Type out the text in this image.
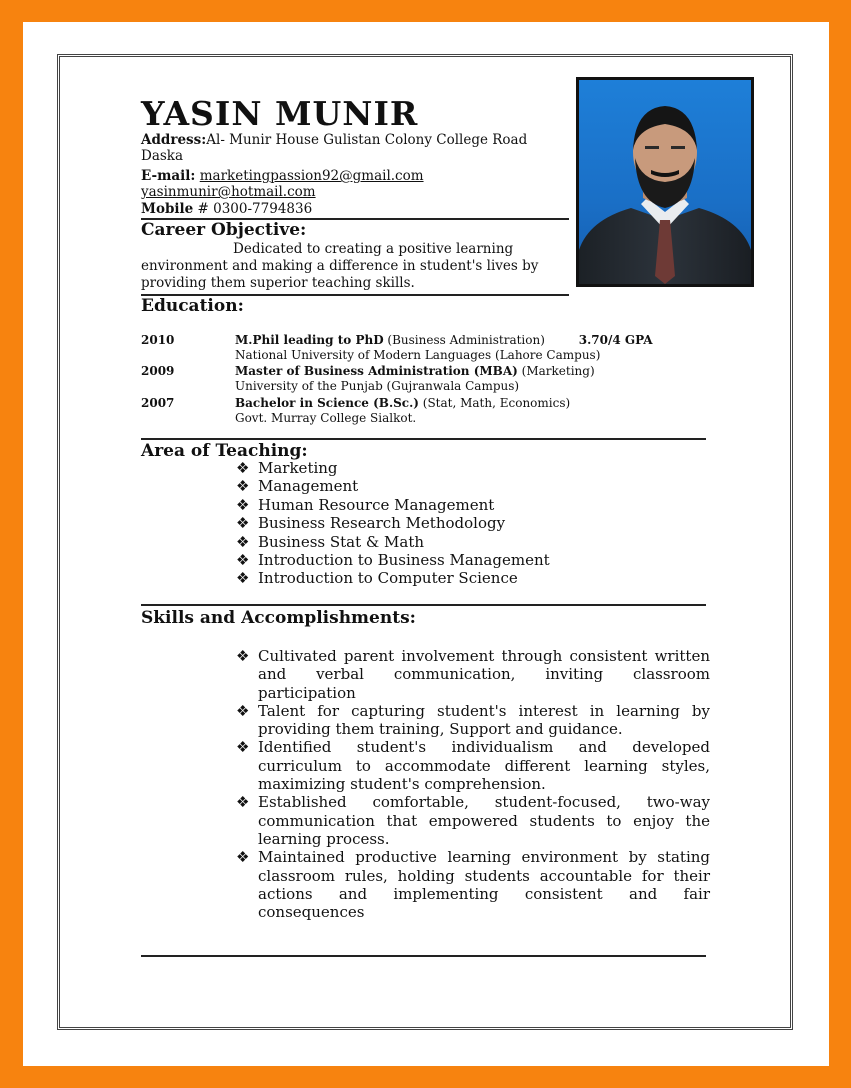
YASIN MUNIR
Address:Al- Munir House Gulistan Colony College Road
Daska
E-mail: marketingpassion92@gmail.com
yasinmunir@hotmail.com
Mobile # 0300-7794836
Career Objective:
Dedicated to creating a positive learning
environment and making a difference in student's lives by
providing them superior teaching skills.
Education:
2010	M.Phil leading to PhD (Business Administration)	3.70/4 GPA
National University of Modern Languages (Lahore Campus)
2009	Master of Business Administration (MBA) (Marketing)
University of the Punjab (Gujranwala Campus)
2007	Bachelor in Science (B.Sc.) (Stat, Math, Economics)
Govt. Murray College Sialkot.
Area of Teaching:
❖ Marketing
❖ Management
❖ Human Resource Management
❖ Business Research Methodology
❖ Business Stat & Math
❖ Introduction to Business Management
❖ Introduction to Computer Science
Skills and Accomplishments:
❖ Cultivated parent involvement through consistent written and verbal communication, inviting classroom participation
❖ Talent for capturing student's interest in learning by providing them training, Support and guidance.
❖ Identified student's individualism and developed curriculum to accommodate different learning styles, maximizing student's comprehension.
❖ Established comfortable, student-focused, two-way communication that empowered students to enjoy the learning process.
❖ Maintained productive learning environment by stating classroom rules, holding students accountable for their actions and implementing consistent and fair consequences
